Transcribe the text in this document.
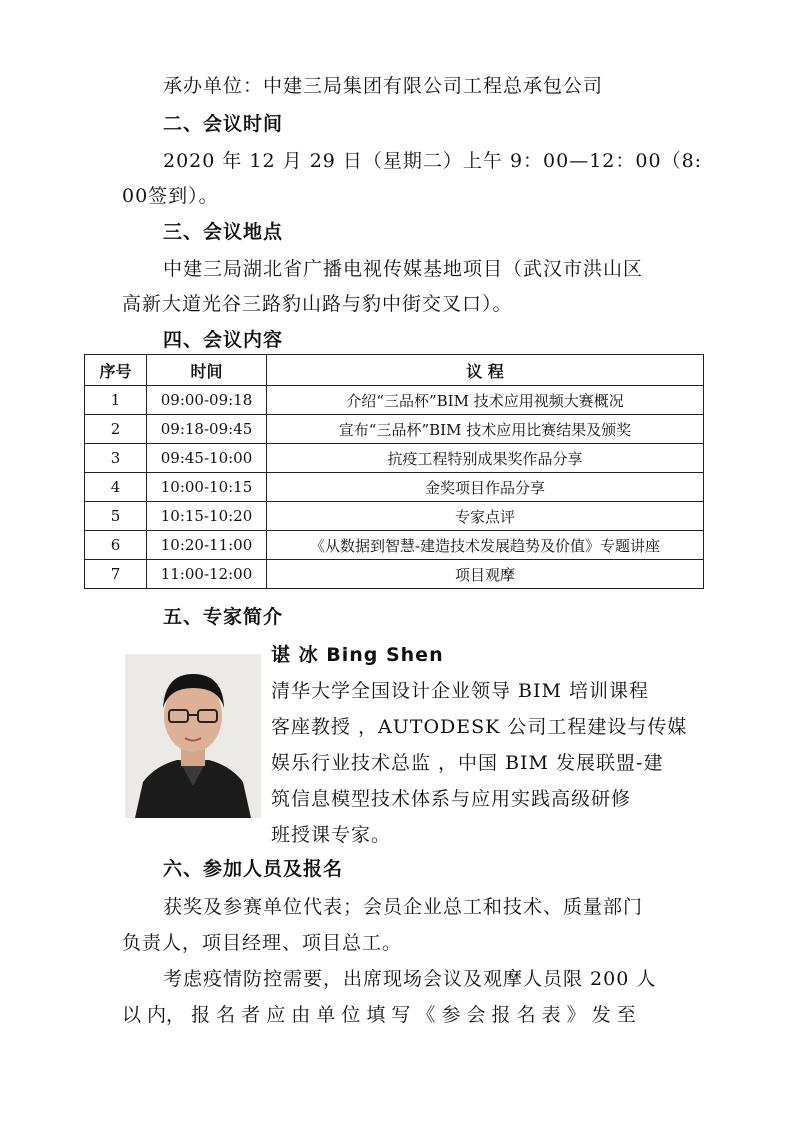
承办单位：中建三局集团有限公司工程总承包公司
二、会议时间
2020 年 12 月 29 日（星期二）上午 9：00—12：00（8:
00签到）。
三、会议地点
中建三局湖北省广播电视传媒基地项目（武汉市洪山区
高新大道光谷三路豹山路与豹中街交叉口）。
四、会议内容
序号	时间	议 程
1	09:00-09:18	介绍“三品杯”BIM 技术应用视频大赛概况
2	09:18-09:45	宣布“三品杯”BIM 技术应用比赛结果及颁奖
3	09:45-10:00	抗疫工程特别成果奖作品分享
4	10:00-10:15	金奖项目作品分享
5	10:15-10:20	专家点评
6	10:20-11:00	《从数据到智慧-建造技术发展趋势及价值》专题讲座
7	11:00-12:00	项目观摩
五、专家简介
谌 冰 Bing Shen
清华大学全国设计企业领导 BIM 培训课程
客座教授 ，AUTODESK 公司工程建设与传媒
娱乐行业技术总监 ，中国 BIM 发展联盟-建
筑信息模型技术体系与应用实践高级研修
班授课专家。
六、参加人员及报名
获奖及参赛单位代表；会员企业总工和技术、质量部门
负责人，项目经理、项目总工。
考虑疫情防控需要，出席现场会议及观摩人员限 200 人
以 内， 报 名 者 应 由 单 位 填 写 《 参 会 报 名 表 》 发 至
